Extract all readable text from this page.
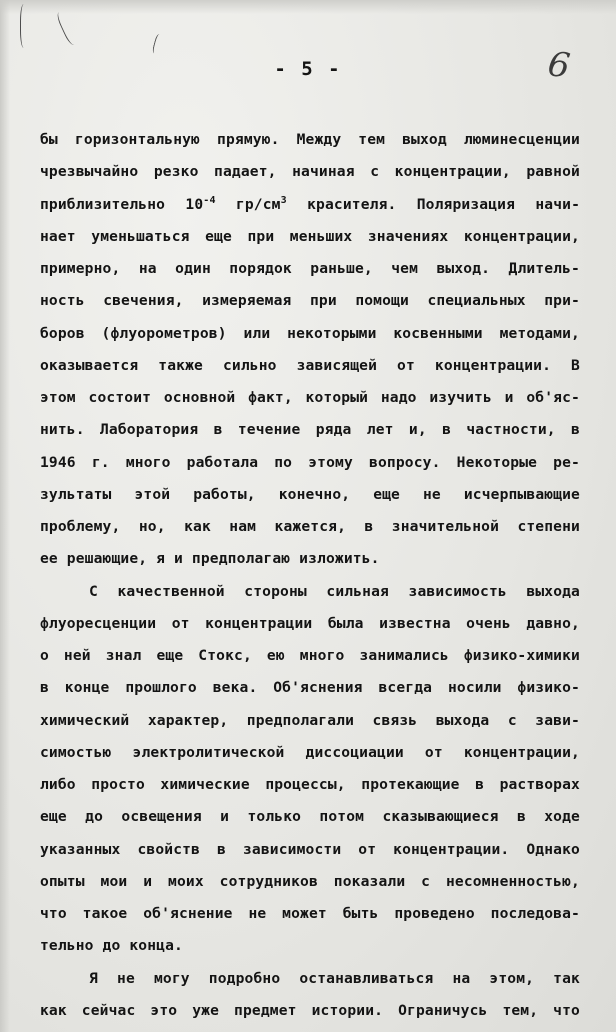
- 5 -	6
бы горизонтальную прямую. Между тем выход люминесценции
чрезвычайно резко падает, начиная с концентрации, равной
приблизительно $10^{-4}$ $гр/см^3$ красителя. Поляризация начи-
нает уменьшаться еще при меньших значениях концентрации,
примерно, на один порядок раньше, чем выход. Длитель-
ность свечения, измеряемая при помощи специальных при-
боров (флуорометров) или некоторыми косвенными методами,
оказывается также сильно зависящей от концентрации. В
этом состоит основной факт, который надо изучить и об'яс-
нить. Лаборатория в течение ряда лет и, в частности, в
1946 г. много работала по этому вопросу. Некоторые ре-
зультаты этой работы, конечно, еще не исчерпывающие
проблему, но, как нам кажется, в значительной степени
ее решающие, я и предполагаю изложить.
С качественной стороны сильная зависимость выхода
флуоресценции от концентрации была известна очень давно,
о ней знал еще Стокс, ею много занимались физико-химики
в конце прошлого века. Об'яснения всегда носили физико-
химический характер, предполагали связь выхода с зави-
симостью электролитической диссоциации от концентрации,
либо просто химические процессы, протекающие в растворах
еще до освещения и только потом сказывающиеся в ходе
указанных свойств в зависимости от концентрации. Однако
опыты мои и моих сотрудников показали с несомненностью,
что такое об'яснение не может быть проведено последова-
тельно до конца.
Я не могу подробно останавливаться на этом, так
как сейчас это уже предмет истории. Ограничусь тем, что
